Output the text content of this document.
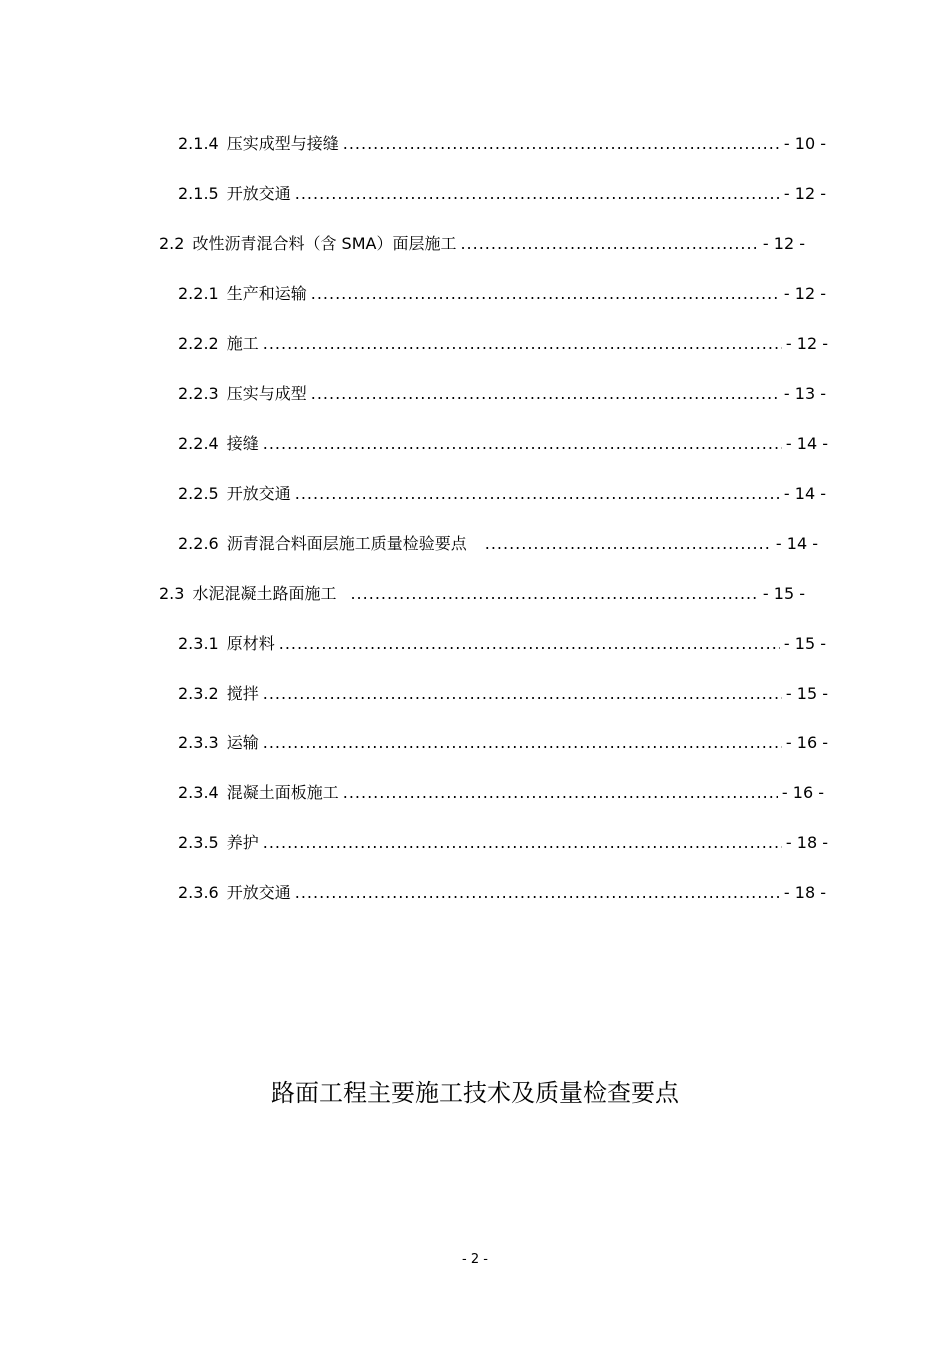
2.1.4 压实成型与接缝 .....	- 10 -
2.1.5 开放交通 .....	- 12 -
2.2 改性沥青混合料（含 SMA）面层施工 .....	- 12 -
2.2.1 生产和运输 .....	- 12 -
2.2.2 施工 .....	- 12 -
2.2.3 压实与成型 .....	- 13 -
2.2.4 接缝 .....	- 14 -
2.2.5 开放交通 .....	- 14 -
2.2.6 沥青混合料面层施工质量检验要点 .....	- 14 -
2.3 水泥混凝土路面施工 .....	- 15 -
2.3.1 原材料 .....	- 15 -
2.3.2 搅拌 .....	- 15 -
2.3.3 运输 .....	- 16 -
2.3.4 混凝土面板施工 .....	- 16 -
2.3.5 养护 .....	- 18 -
2.3.6 开放交通 .....	- 18 -
路面工程主要施工技术及质量检查要点
- 2 -
